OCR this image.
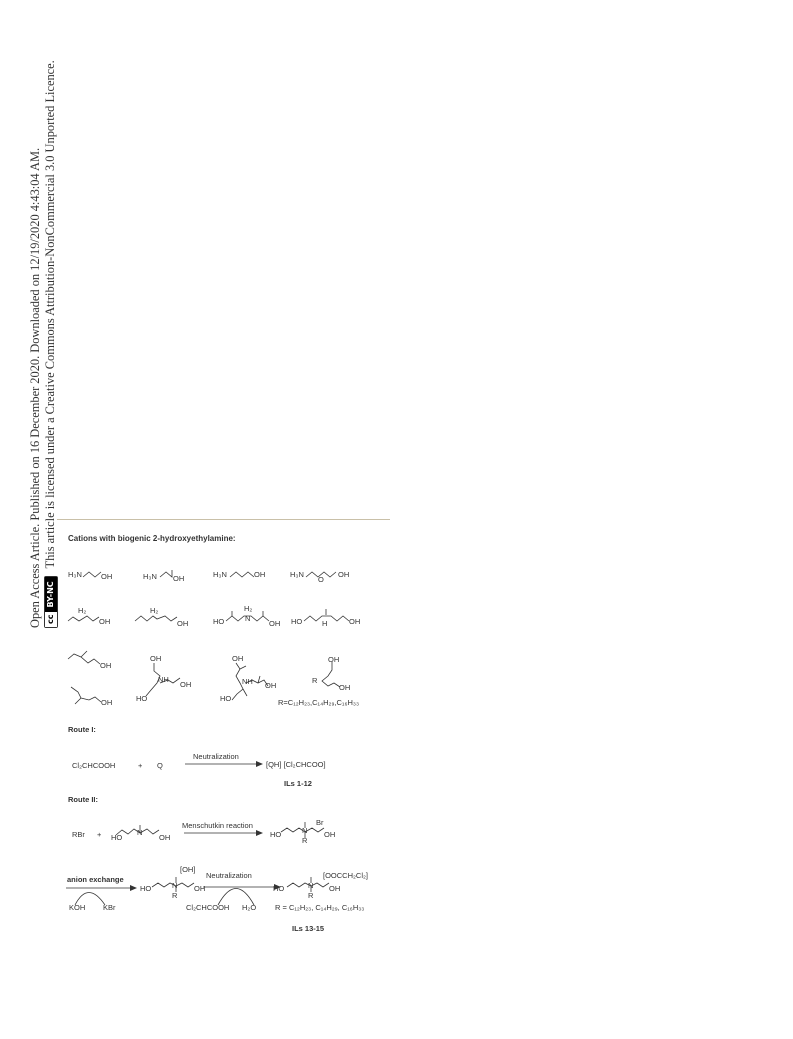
Open Access Article. Published on 16 December 2020. Downloaded on 12/19/2020 4:43:04 AM. ccBY-NC This article is licensed under a Creative Commons Attribution-NonCommercial 3.0 Unported Licence. Cations with biogenic 2-hydroxyethylamine:
H₃N	OH	H₃N OH	H₃N	OH	H₃N
O
OH
H₂
OH
H₂
OH	HO
H₂
N
OH HO	H	OH
OH
OH
OH
NH
OH
HO
OH
NH OH
HO
OH
R
OH
R=C₁₂H₂₃,C₁₄H₂₉,C₁₆H₃₃
Route I:
Cl₂CHCOOH	+ Q
Neutralization
[QH] [Cl₂CHCOO]
ILs 1-12
Route II:
RBr + HO
N
OH
Menschutkin reaction
HO	N
R
Br
OH
anion exchange
KOH KBr
HO	N
R
[OH]
OH
Neutralization
Cl₂CHCOOH H₂O
HO	N
R
[OOCCH₂Cl₂]
OH
R = C₁₂H₂₃, C₁₄H₂₉, C₁₆H₃₃
ILs 13-15
